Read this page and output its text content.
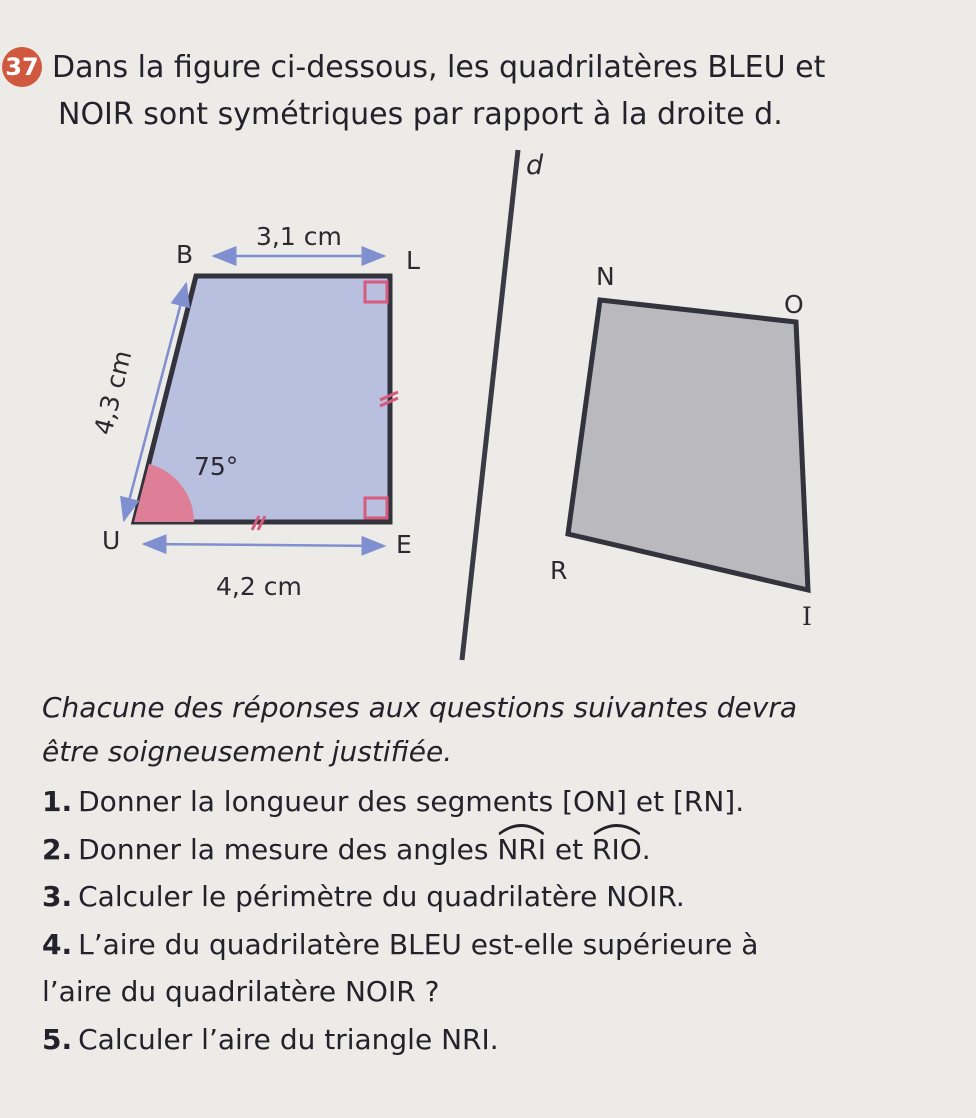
37 Dans la figure ci-dessous, les quadrilatères BLEU et
NOIR sont symétriques par rapport à la droite d.
d
B	L
E
U
3,1 cm
4,3 cm
4,2 cm
75°
N
O
I
R
Chacune des réponses aux questions suivantes devra
être soigneusement justifiée.
1. Donner la longueur des segments [ON] et [RN].
2. Donner la mesure des angles
NRI et
RIO.
3. Calculer le périmètre du quadrilatère NOIR.
4. L’aire du quadrilatère BLEU est-elle supérieure à
l’aire du quadrilatère NOIR ?
5. Calculer l’aire du triangle NRI.
